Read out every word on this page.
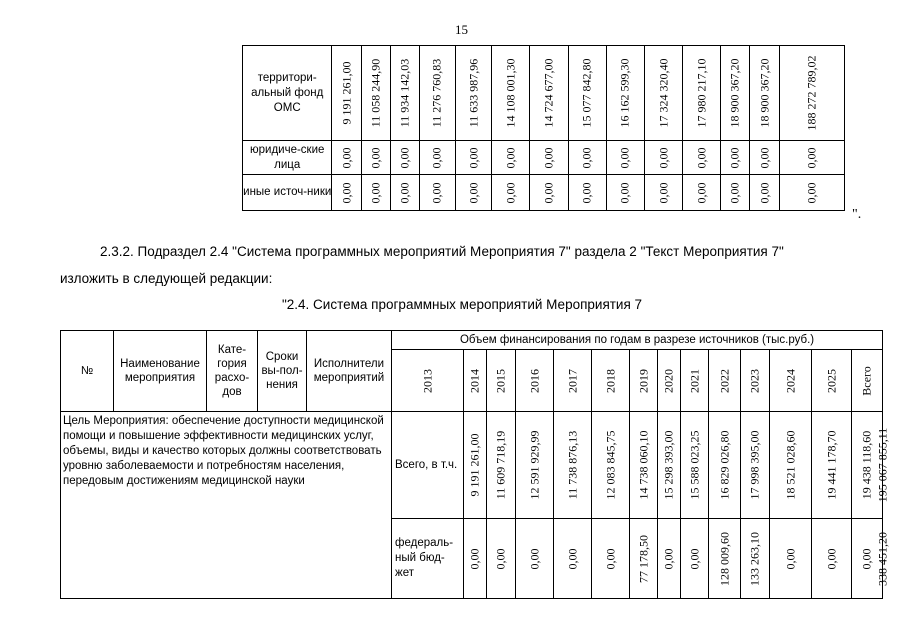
15
территори-альный фонд ОМС	9 191 261,00	11 058 244,90	11 934 142,03	11 276 760,83	11 633 987,96	14 108 001,30	14 724 677,00	15 077 842,80	16 162 599,30	17 324 320,40	17 980 217,10	18 900 367,20	18 900 367,20	188 272 789,02

юридиче-ские лица	0,00	0,00	0,00	0,00	0,00	0,00	0,00	0,00	0,00	0,00	0,00	0,00	0,00	0,00

иные источ-ники	0,00	0,00	0,00	0,00	0,00	0,00	0,00	0,00	0,00	0,00	0,00	0,00	0,00	0,00
".
2.3.2. Подраздел 2.4 "Система программных мероприятий Мероприятия 7" раздела 2 "Текст Мероприятия 7"
изложить в следующей редакции:
"2.4. Система программных мероприятий Мероприятия 7
№	Наименование мероприятия	Кате-гория расхо-дов	Сроки вы-пол-нения	Исполнители мероприятий	Объем финансирования по годам в разрезе источников (тыс.руб.)														

					2013	2014	2015	2016	2017	2018	2019	2020	2021	2022	2023	2024	2025	Всего	

Цель Мероприятия: обеспечение доступности медицинской помощи и повышение эффективности медицинских услуг, объемы, виды и качество которых должны соответствовать уровню заболеваемости и потребностям населения, передовым достижениям медицинской науки					Всего, в т.ч.	9 191 261,00	11 609 718,19	12 591 929,99	11 738 876,13	12 083 845,75	14 738 060,10	15 298 393,00	15 588 023,25	16 829 026,80	17 998 395,00	18 521 028,60	19 441 178,70	19 438 118,60	195 067 855,11

					федераль-ный бюд-жет	0,00	0,00	0,00	0,00	0,00	77 178,50	0,00	0,00	128 009,60	133 263,10	0,00	0,00	0,00	338 451,20
